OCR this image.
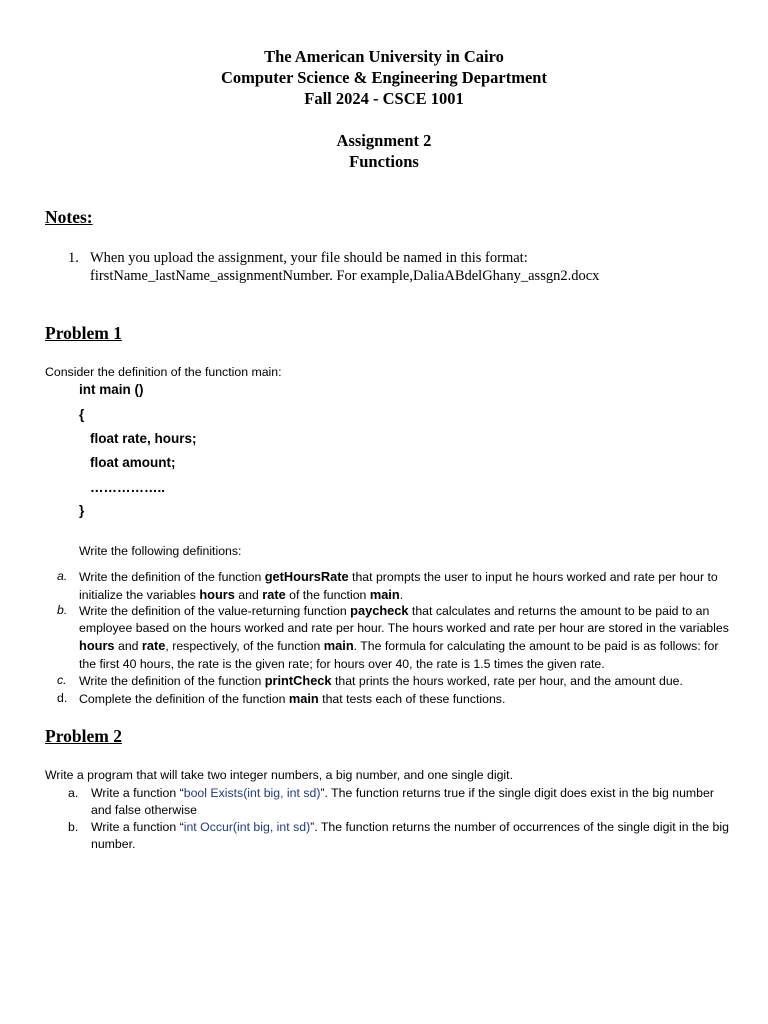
The American University in Cairo
Computer Science & Engineering Department
Fall 2024 - CSCE 1001
Assignment 2
Functions
Notes:
1. When you upload the assignment, your file should be named in this format:
firstName_lastName_assignmentNumber. For example,DaliaABdelGhany_assgn2.docx
Problem 1
Consider the definition of the function main:
int main ()
{
float rate, hours;
float amount;
……………..
}
Write the following definitions:
a. Write the definition of the function getHoursRate that prompts the user to input he hours worked and rate per hour to initialize the variables hours and rate of the function main.
b. Write the definition of the value-returning function paycheck that calculates and returns the amount to be paid to an employee based on the hours worked and rate per hour. The hours worked and rate per hour are stored in the variables hours and rate, respectively, of the function main. The formula for calculating the amount to be paid is as follows: for the first 40 hours, the rate is the given rate; for hours over 40, the rate is 1.5 times the given rate.
c. Write the definition of the function printCheck that prints the hours worked, rate per hour, and the amount due.
d. Complete the definition of the function main that tests each of these functions.
Problem 2
Write a program that will take two integer numbers, a big number, and one single digit.
a. Write a function “bool Exists(int big, int sd)”. The function returns true if the single digit does exist in the big number and false otherwise
b. Write a function “int Occur(int big, int sd)”. The function returns the number of occurrences of the single digit in the big number.
